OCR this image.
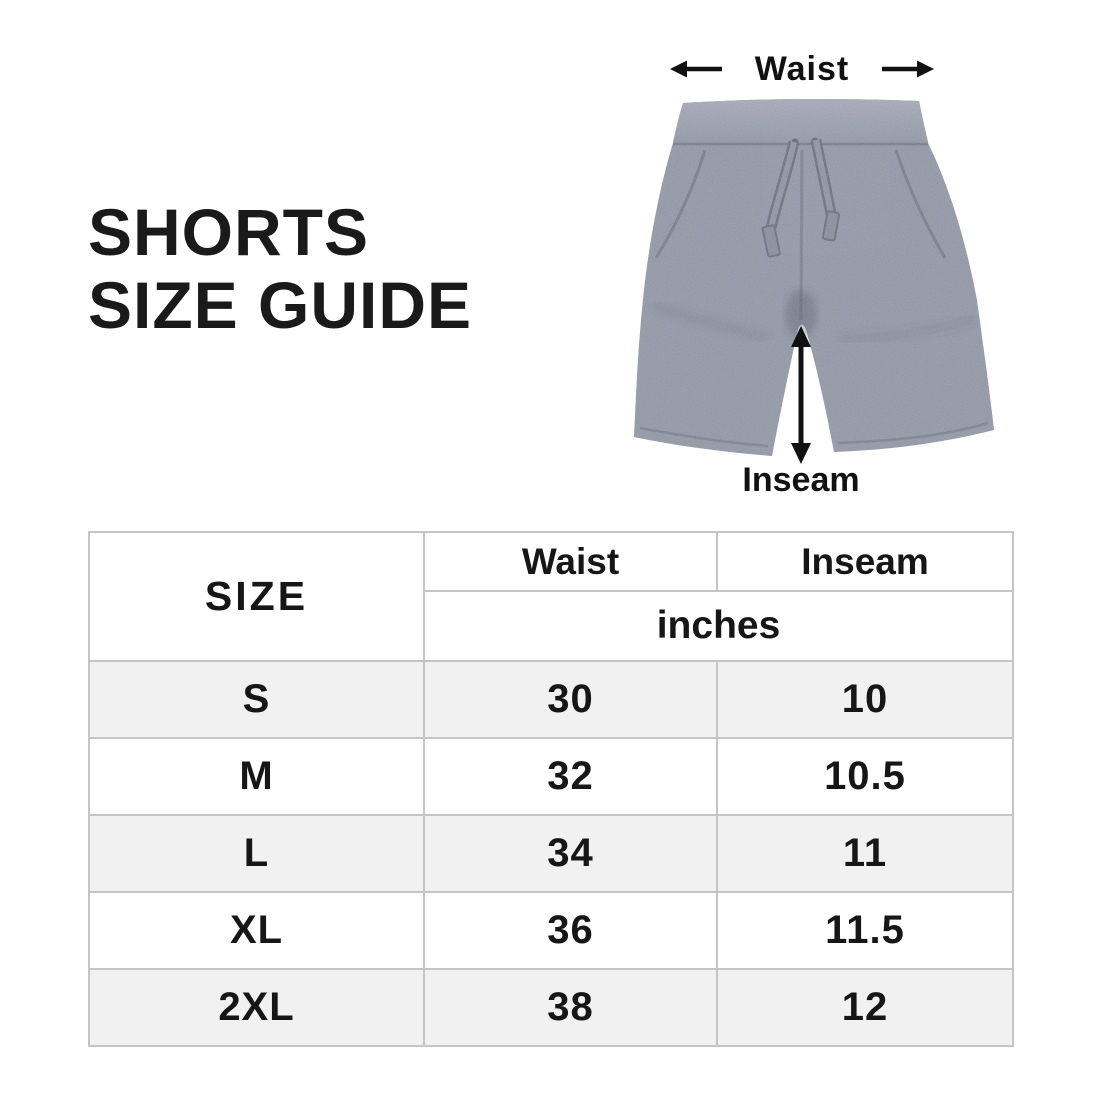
SHORTS
SIZE GUIDE
Waist
Inseam
SIZE	Waist	Inseam
	inches	
S	30	10
M	32	10.5
L	34	11
XL	36	11.5
2XL	38	12
